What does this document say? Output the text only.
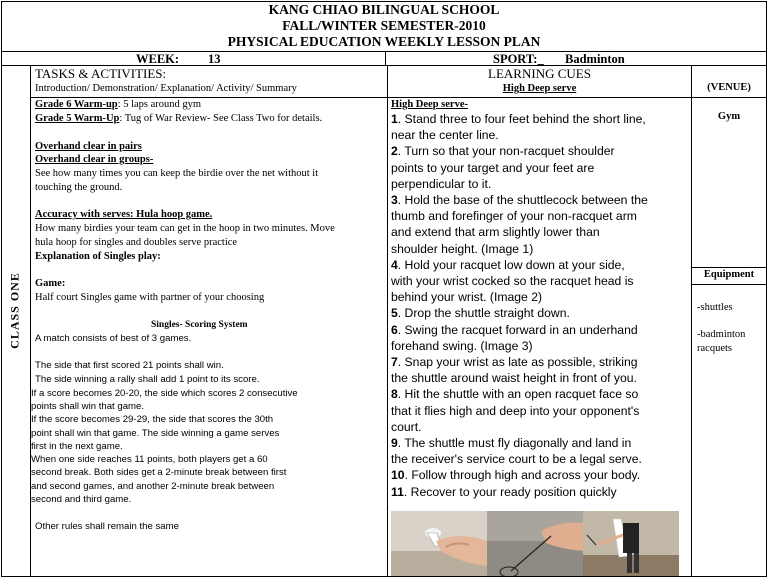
KANG CHIAO BILINGUAL SCHOOL
FALL/WINTER SEMESTER-2010
PHYSICAL EDUCATION WEEKLY LESSON PLAN
WEEK: 13	SPORT:_ Badminton
TASKS & ACTIVITIES:
Introduction/ Demonstration/ Explanation/ Activity/ Summary
LEARNING CUES
High Deep serve	(VENUE)
CLASS ONE
Grade 6 Warm-up: 5 laps around gym
Grade 5 Warm-Up: Tug of War Review- See Class Two for details.
Overhand clear in pairs
Overhand clear in groups-
See how many times you can keep the birdie over the net without it
touching the ground.
Accuracy with serves: Hula hoop game.
How many birdies your team can get in the hoop in two minutes. Move
hula hoop for singles and doubles serve practice
Explanation of Singles play:
Game:
Half court Singles game with partner of your choosing
Singles- Scoring System
A match consists of best of 3 games.
The side that first scored 21 points shall win.
The side winning a rally shall add 1 point to its score.
If a score becomes 20-20, the side which scores 2 consecutive
points shall win that game.
If the score becomes 29-29, the side that scores the 30th
point shall win that game. The side winning a game serves
first in the next game.
When one side reaches 11 points, both players get a 60
second break. Both sides get a 2-minute break between first
and second games, and another 2-minute break between
second and third game.
Other rules shall remain the same
High Deep serve-
1. Stand three to four feet behind the short line,
near the center line.
2. Turn so that your non-racquet shoulder
points to your target and your feet are
perpendicular to it.
3. Hold the base of the shuttlecock between the
thumb and forefinger of your non-racquet arm
and extend that arm slightly lower than
shoulder height. (Image 1)
4. Hold your racquet low down at your side,
with your wrist cocked so the racquet head is
behind your wrist. (Image 2)
5. Drop the shuttle straight down.
6. Swing the racquet forward in an underhand
forehand swing. (Image 3)
7. Snap your wrist as late as possible, striking
the shuttle around waist height in front of you.
8. Hit the shuttle with an open racquet face so
that it flies high and deep into your opponent's
court.
9. The shuttle must fly diagonally and land in
the receiver's service court to be a legal serve.
10. Follow through high and across your body.
11. Recover to your ready position quickly
Gym
Equipment
-shuttles
-badminton
racquets
